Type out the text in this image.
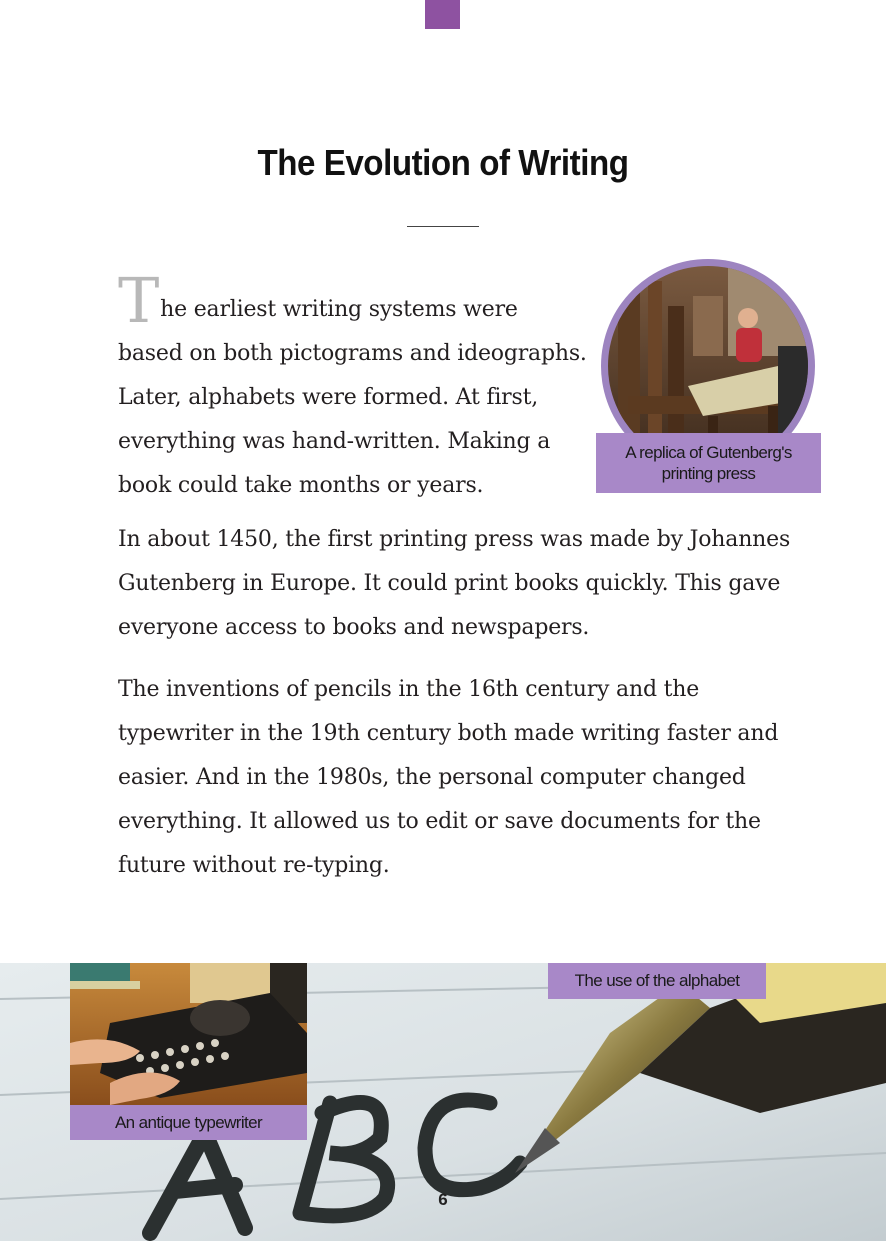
The Evolution of Writing

The earliest writing systems were based on both pictograms and ideographs. Later, alphabets were formed. At first, everything was hand-written. Making a book could take months or years.

In about 1450, the first printing press was made by Johannes Gutenberg in Europe. It could print books quickly. This gave everyone access to books and newspapers.

The inventions of pencils in the 16th century and the typewriter in the 19th century both made writing faster and easier. And in the 1980s, the personal computer changed everything. It allowed us to edit or save documents for the future without re-typing.

A replica of Gutenberg's
printing press
An antique typewriter
The use of the alphabet
6
